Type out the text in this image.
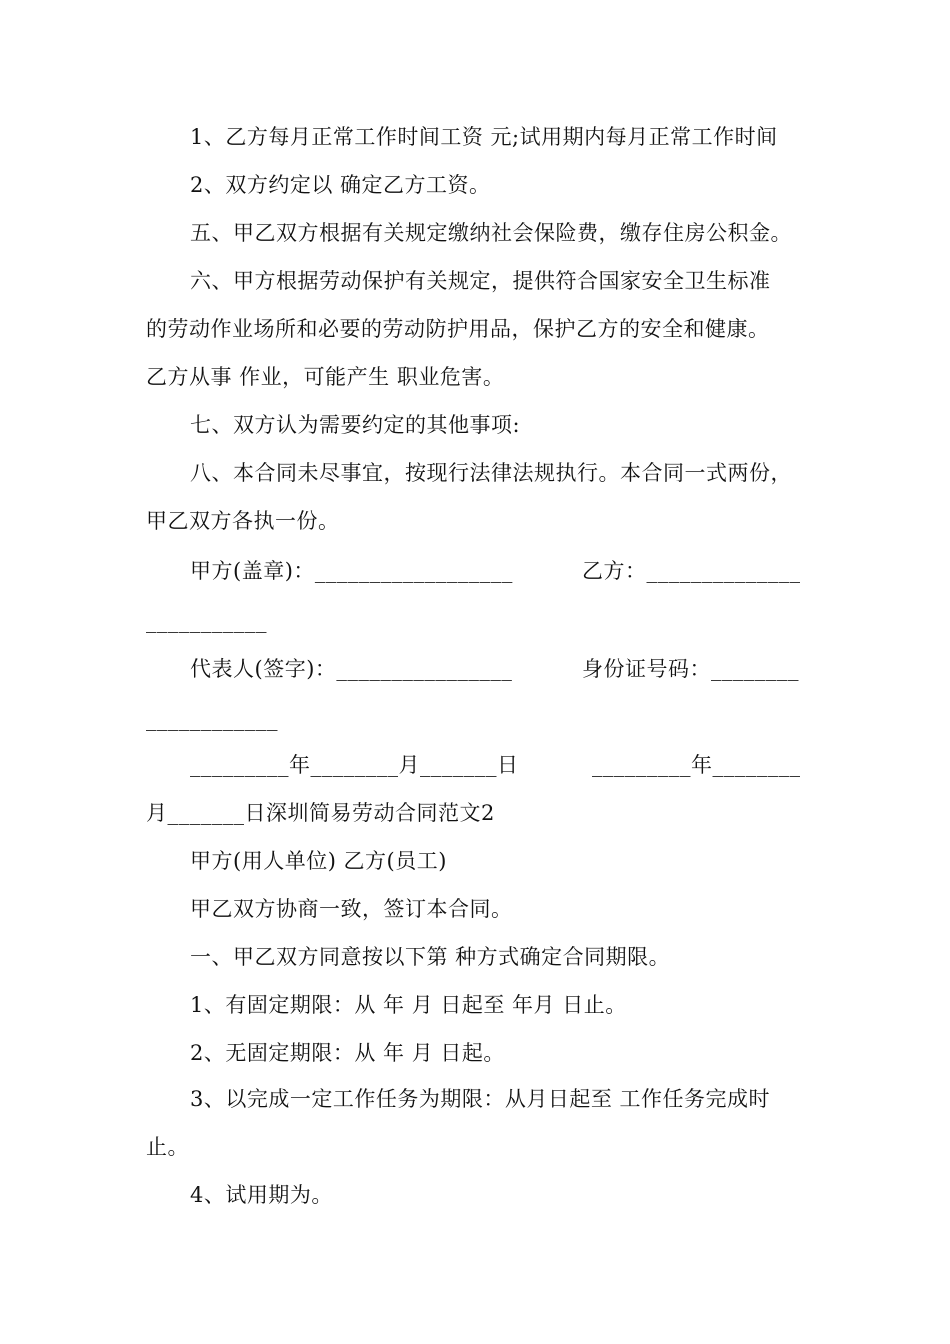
1、乙方每月正常工作时间工资 元;试用期内每月正常工作时间
2、双方约定以 确定乙方工资。
五、甲乙双方根据有关规定缴纳社会保险费，缴存住房公积金。
六、甲方根据劳动保护有关规定，提供符合国家安全卫生标准
的劳动作业场所和必要的劳动防护用品，保护乙方的安全和健康。
乙方从事 作业，可能产生 职业危害。
七、双方认为需要约定的其他事项:
八、本合同未尽事宜，按现行法律法规执行。本合同一式两份，
甲乙双方各执一份。
甲方(盖章)：__________________	乙方：______________
___________
代表人(签字)：________________	身份证号码：________
____________
_________年________月_______日	_________年________
月_______日深圳简易劳动合同范文2
甲方(用人单位) 乙方(员工)
甲乙双方协商一致，签订本合同。
一、甲乙双方同意按以下第 种方式确定合同期限。
1、有固定期限：从 年 月 日起至 年月 日止。
2、无固定期限：从 年 月 日起。
3、以完成一定工作任务为期限：从月日起至 工作任务完成时
止。
4、试用期为。
